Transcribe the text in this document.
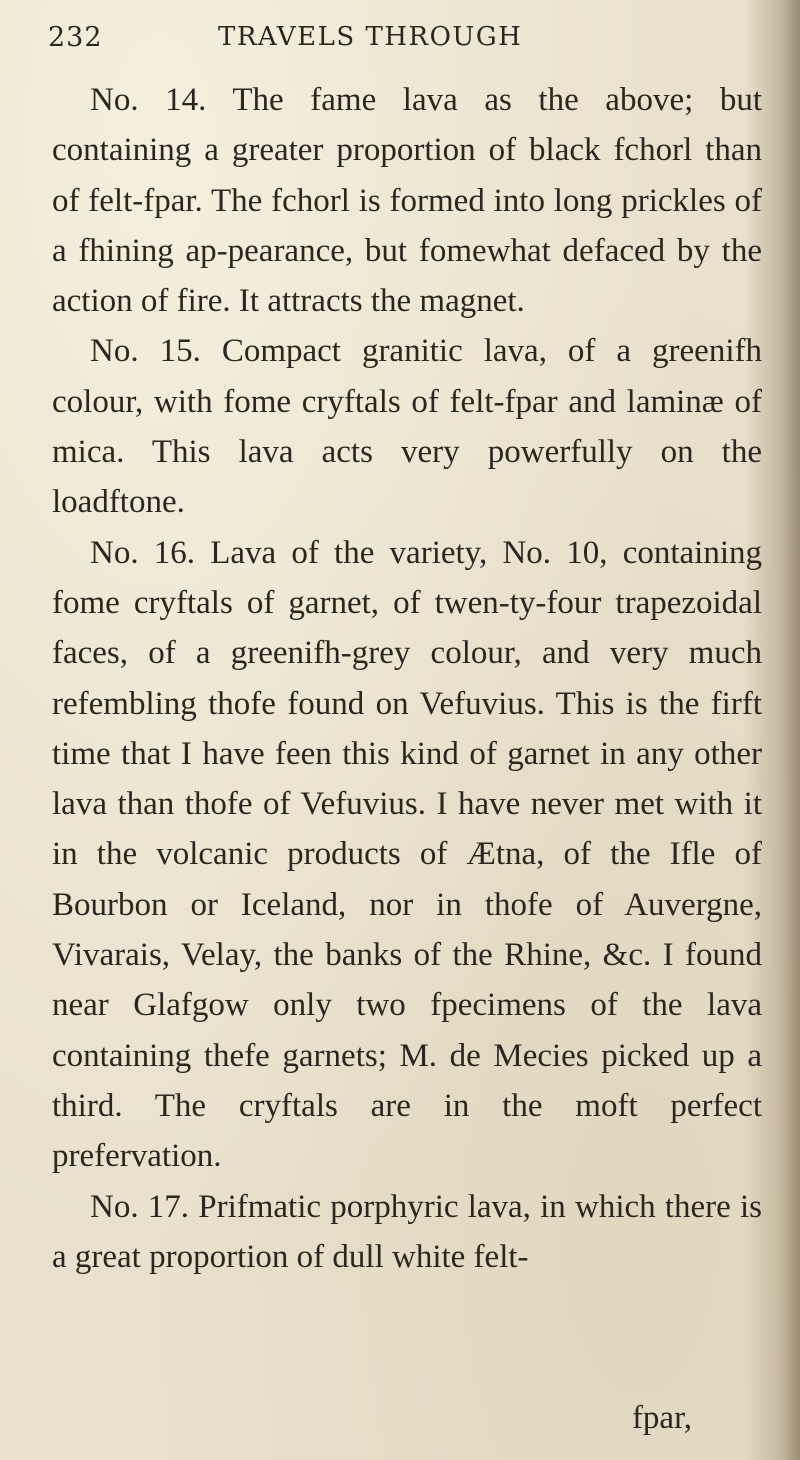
232	TRAVELS THROUGH

No. 14. The fame lava as the above; but containing a greater proportion of black fchorl than of felt-fpar. The fchorl is formed into long prickles of a fhining ap-pearance, but fomewhat defaced by the action of fire. It attracts the magnet.

No. 15. Compact granitic lava, of a greenifh colour, with fome cryftals of felt-fpar and laminæ of mica. This lava acts very powerfully on the loadftone.

No. 16. Lava of the variety, No. 10, containing fome cryftals of garnet, of twen-ty-four trapezoidal faces, of a greenifh-grey colour, and very much refembling thofe found on Vefuvius. This is the firft time that I have feen this kind of garnet in any other lava than thofe of Vefuvius. I have never met with it in the volcanic products of Ætna, of the Ifle of Bourbon or Iceland, nor in thofe of Auvergne, Vivarais, Velay, the banks of the Rhine, &c. I found near Glafgow only two fpecimens of the lava containing thefe garnets; M. de Mecies picked up a third. The cryftals are in the moft perfect prefervation.

No. 17. Prifmatic porphyric lava, in which there is a great proportion of dull white felt-

fpar,
